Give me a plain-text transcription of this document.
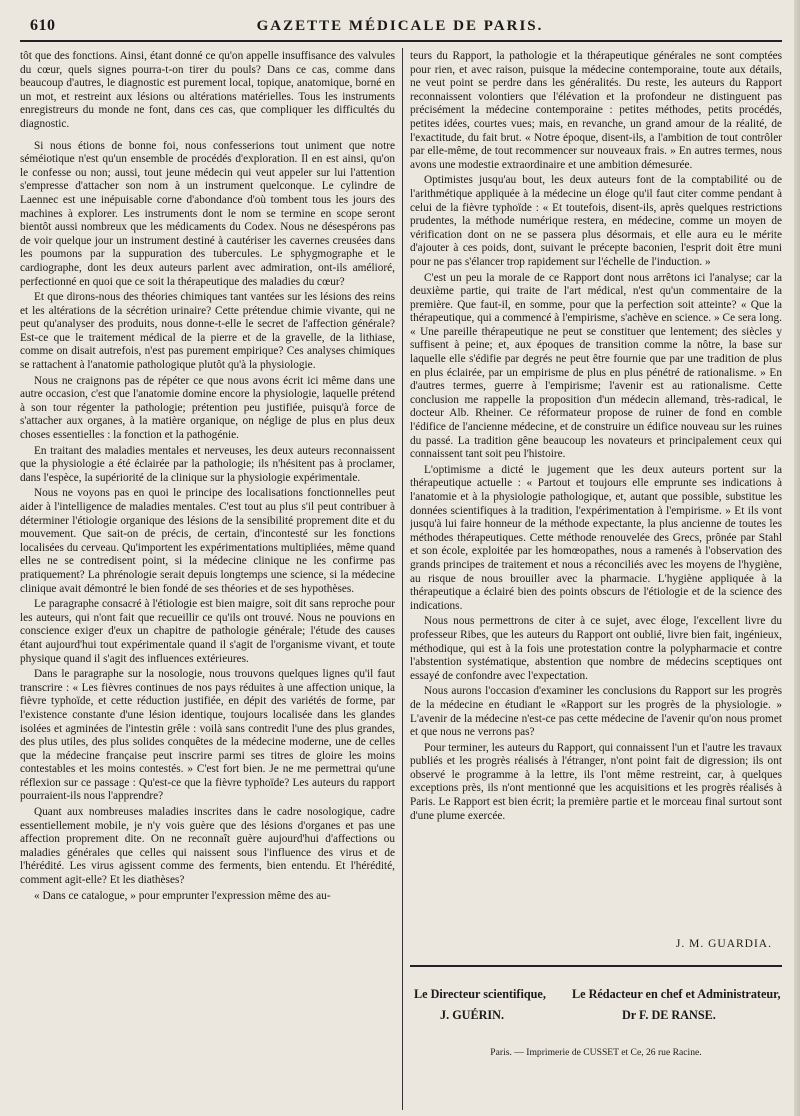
610	GAZETTE MÉDICALE DE PARIS.

tôt que des fonctions. Ainsi, étant donné ce qu'on appelle insuffisance des valvules du cœur, quels signes pourra-t-on tirer du pouls? Dans ce cas, comme dans beaucoup d'autres, le diagnostic est purement local, topique, anatomique, borné en un mot, et restreint aux lésions ou altérations matérielles. Tous les instruments enregistreurs du monde ne font, dans ces cas, que compliquer les difficultés du diagnostic.

Si nous étions de bonne foi, nous confesserions tout uniment que notre séméiotique n'est qu'un ensemble de procédés d'exploration. Il en est ainsi, qu'on le confesse ou non; aussi, tout jeune médecin qui veut appeler sur lui l'attention s'empresse d'attacher son nom à un instrument quelconque. Le cylindre de Laennec est une inépuisable corne d'abondance d'où tombent tous les jours des machines à explorer. Les instruments dont le nom se termine en scope seront bientôt aussi nombreux que les médicaments du Codex. Nous ne désespérons pas de voir quelque jour un instrument destiné à cautériser les cavernes creusées dans les poumons par la suppuration des tubercules. Le sphygmographe et le cardiographe, dont les deux auteurs parlent avec admiration, ont-ils amélioré, perfectionné en quoi que ce soit la thérapeutique des maladies du cœur?

Et que dirons-nous des théories chimiques tant vantées sur les lésions des reins et les altérations de la sécrétion urinaire? Cette prétendue chimie vivante, qui ne peut qu'analyser des produits, nous donne-t-elle le secret de l'affection générale? Est-ce que le traitement médical de la pierre et de la gravelle, de la lithiase, comme on disait autrefois, n'est pas purement empirique? Ces analyses chimiques se rattachent à l'anatomie pathologique plutôt qu'à la physiologie.

Nous ne craignons pas de répéter ce que nous avons écrit ici même dans une autre occasion, c'est que l'anatomie domine encore la physiologie, laquelle prétend à son tour régenter la pathologie; prétention peu justifiée, puisqu'à force de s'attacher aux organes, à la matière organique, on néglige de plus en plus deux choses essentielles : la fonction et la pathogénie.

En traitant des maladies mentales et nerveuses, les deux auteurs reconnaissent que la physiologie a été éclairée par la pathologie; ils n'hésitent pas à proclamer, dans l'espèce, la supériorité de la clinique sur la physiologie expérimentale.

Nous ne voyons pas en quoi le principe des localisations fonctionnelles peut aider à l'intelligence de maladies mentales. C'est tout au plus s'il peut contribuer à déterminer l'étiologie organique des lésions de la sensibilité proprement dite et du mouvement. Que sait-on de précis, de certain, d'incontesté sur les fonctions localisées du cerveau. Qu'importent les expérimentations multipliées, même quand elles ne se contredisent point, si la médecine clinique ne les confirme pas pratiquement? La phrénologie serait depuis longtemps une science, si la médecine clinique avait démontré le bien fondé de ses théories et de ses hypothèses.

Le paragraphe consacré à l'étiologie est bien maigre, soit dit sans reproche pour les auteurs, qui n'ont fait que recueillir ce qu'ils ont trouvé. Nous ne pouvions en conscience exiger d'eux un chapitre de pathologie générale; l'étude des causes étant aujourd'hui tout expérimentale quand il s'agit de l'organisme vivant, et toute physique quand il s'agit des influences extérieures.

Dans le paragraphe sur la nosologie, nous trouvons quelques lignes qu'il faut transcrire : « Les fièvres continues de nos pays réduites à une affection unique, la fièvre typhoïde, et cette réduction justifiée, en dépit des variétés de forme, par l'existence constante d'une lésion identique, toujours localisée dans les glandes isolées et agminées de l'intestin grêle : voilà sans contredit l'une des plus grandes, des plus utiles, des plus solides conquêtes de la médecine moderne, une de celles que la médecine française peut inscrire parmi ses titres de gloire les moins contestables et les moins contestés. » C'est fort bien. Je ne me permettrai qu'une réflexion sur ce passage : Qu'est-ce que la fièvre typhoïde? Les auteurs du rapport pourraient-ils nous l'apprendre?

Quant aux nombreuses maladies inscrites dans le cadre nosologique, cadre essentiellement mobile, je n'y vois guère que des lésions d'organes et pas une affection proprement dite. On ne reconnaît guère aujourd'hui d'affections ou maladies générales que celles qui naissent sous l'influence des virus et de l'hérédité. Les virus agissent comme des ferments, bien entendu. Et l'hérédité, comment agit-elle? Et les diathèses?

« Dans ce catalogue, » pour emprunter l'expression même des au-

teurs du Rapport, la pathologie et la thérapeutique générales ne sont comptées pour rien, et avec raison, puisque la médecine contemporaine, toute aux détails, ne veut point se perdre dans les généralités. Du reste, les auteurs du Rapport reconnaissent volontiers que l'élévation et la profondeur ne distinguent pas précisément la médecine contemporaine : petites méthodes, petits procédés, petites idées, courtes vues; mais, en revanche, un grand amour de la réalité, de l'exactitude, du fait brut. « Notre époque, disent-ils, a l'ambition de tout contrôler par elle-même, de tout recommencer sur nouveaux frais. » En autres termes, nous avons une modestie extraordinaire et une ambition démesurée.

Optimistes jusqu'au bout, les deux auteurs font de la comptabilité ou de l'arithmétique appliquée à la médecine un éloge qu'il faut citer comme pendant à celui de la fièvre typhoïde : « Et toutefois, disent-ils, après quelques restrictions prudentes, la méthode numérique restera, en médecine, comme un moyen de vérification dont on ne se passera plus désormais, et elle aura eu le mérite d'ajouter à ces poids, dont, suivant le précepte baconien, l'esprit doit être muni pour ne pas s'élancer trop rapidement sur l'échelle de l'induction. »

C'est un peu la morale de ce Rapport dont nous arrêtons ici l'analyse; car la deuxième partie, qui traite de l'art médical, n'est qu'un commentaire de la première. Que faut-il, en somme, pour que la perfection soit atteinte? « Que la thérapeutique, qui a commencé à l'empirisme, s'achève en science. » Ce sera long. « Une pareille thérapeutique ne peut se constituer que lentement; des siècles y suffisent à peine; et, aux époques de transition comme la nôtre, la base sur laquelle elle s'édifie par degrés ne peut être fournie que par une tradition de plus en plus éclairée, par un empirisme de plus en plus pénétré de rationalisme. » En d'autres termes, guerre à l'empirisme; l'avenir est au rationalisme. Cette conclusion me rappelle la proposition d'un médecin allemand, très-radical, le docteur Alb. Rheiner. Ce réformateur propose de ruiner de fond en comble l'édifice de l'ancienne médecine, et de construire un édifice nouveau sur les ruines du passé. La tradition gêne beaucoup les novateurs et principalement ceux qui connaissent tant soit peu l'histoire.

L'optimisme a dicté le jugement que les deux auteurs portent sur la thérapeutique actuelle : « Partout et toujours elle emprunte ses indications à l'anatomie et à la physiologie pathologique, et, autant que possible, substitue les données scientifiques à la tradition, l'expérimentation à l'empirisme. » Et ils vont jusqu'à lui faire honneur de la méthode expectante, la plus ancienne de toutes les méthodes thérapeutiques. Cette méthode renouvelée des Grecs, prônée par Stahl et son école, exploitée par les homœopathes, nous a ramenés à l'observation des grands principes de traitement et nous a réconciliés avec les moyens de l'hygiène, au risque de nous brouiller avec la pharmacie. L'hygiène appliquée à la thérapeutique a éclairé bien des points obscurs de l'étiologie et de la science des indications.

Nous nous permettrons de citer à ce sujet, avec éloge, l'excellent livre du professeur Ribes, que les auteurs du Rapport ont oublié, livre bien fait, ingénieux, méthodique, qui est à la fois une protestation contre la polypharmacie et contre l'abstention systématique, abstention que nombre de médecins sceptiques ont essayé de confondre avec l'expectation.

Nous aurons l'occasion d'examiner les conclusions du Rapport sur les progrès de la médecine en étudiant le «Rapport sur les progrès de la physiologie. » L'avenir de la médecine n'est-ce pas cette médecine de l'avenir qu'on nous promet et que nous ne verrons pas?

Pour terminer, les auteurs du Rapport, qui connaissent l'un et l'autre les travaux publiés et les progrès réalisés à l'étranger, n'ont point fait de digression; ils ont observé le programme à la lettre, ils l'ont même restreint, car, à quelques exceptions près, ils n'ont mentionné que les acquisitions et les progrès réalisés à Paris. Le Rapport est bien écrit; la première partie et le morceau final surtout sont d'une plume exercée.

J. M. GUARDIA.
Le Directeur scientifique, Le Rédacteur en chef et Administrateur,
J. GUÉRIN.	Dr F. DE RANSE.
Paris. — Imprimerie de CUSSET et Ce, 26 rue Racine.
